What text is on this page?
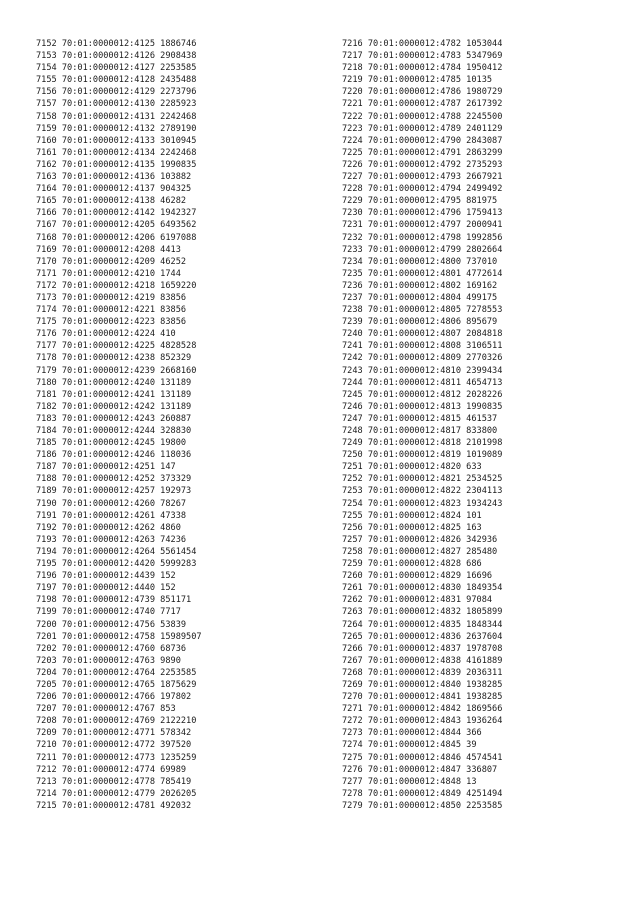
7152 70:01:0000012:4125 1886746
7153 70:01:0000012:4126 2908438
7154 70:01:0000012:4127 2253585
7155 70:01:0000012:4128 2435488
7156 70:01:0000012:4129 2273796
7157 70:01:0000012:4130 2285923
7158 70:01:0000012:4131 2242468
7159 70:01:0000012:4132 2789190
7160 70:01:0000012:4133 3010945
7161 70:01:0000012:4134 2242468
7162 70:01:0000012:4135 1990835
7163 70:01:0000012:4136 103882
7164 70:01:0000012:4137 904325
7165 70:01:0000012:4138 46282
7166 70:01:0000012:4142 1942327
7167 70:01:0000012:4205 6493562
7168 70:01:0000012:4206 6197088
7169 70:01:0000012:4208 4413
7170 70:01:0000012:4209 46252
7171 70:01:0000012:4210 1744
7172 70:01:0000012:4218 1659220
7173 70:01:0000012:4219 83856
7174 70:01:0000012:4221 83856
7175 70:01:0000012:4223 83856
7176 70:01:0000012:4224 410
7177 70:01:0000012:4225 4828528
7178 70:01:0000012:4238 852329
7179 70:01:0000012:4239 2668160
7180 70:01:0000012:4240 131189
7181 70:01:0000012:4241 131189
7182 70:01:0000012:4242 131189
7183 70:01:0000012:4243 260887
7184 70:01:0000012:4244 328830
7185 70:01:0000012:4245 19800
7186 70:01:0000012:4246 118036
7187 70:01:0000012:4251 147
7188 70:01:0000012:4252 373329
7189 70:01:0000012:4257 192973
7190 70:01:0000012:4260 78267
7191 70:01:0000012:4261 47338
7192 70:01:0000012:4262 4860
7193 70:01:0000012:4263 74236
7194 70:01:0000012:4264 5561454
7195 70:01:0000012:4420 5999283
7196 70:01:0000012:4439 152
7197 70:01:0000012:4440 152
7198 70:01:0000012:4739 851171
7199 70:01:0000012:4740 7717
7200 70:01:0000012:4756 53839
7201 70:01:0000012:4758 15989507
7202 70:01:0000012:4760 68736
7203 70:01:0000012:4763 9890
7204 70:01:0000012:4764 2253585
7205 70:01:0000012:4765 1875629
7206 70:01:0000012:4766 197802
7207 70:01:0000012:4767 853
7208 70:01:0000012:4769 2122210
7209 70:01:0000012:4771 578342
7210 70:01:0000012:4772 397520
7211 70:01:0000012:4773 1235259
7212 70:01:0000012:4774 69989
7213 70:01:0000012:4778 785419
7214 70:01:0000012:4779 2026205
7215 70:01:0000012:4781 492032
7216 70:01:0000012:4782 1053044
7217 70:01:0000012:4783 5347969
7218 70:01:0000012:4784 1950412
7219 70:01:0000012:4785 10135
7220 70:01:0000012:4786 1980729
7221 70:01:0000012:4787 2617392
7222 70:01:0000012:4788 2245500
7223 70:01:0000012:4789 2401129
7224 70:01:0000012:4790 2843087
7225 70:01:0000012:4791 2863299
7226 70:01:0000012:4792 2735293
7227 70:01:0000012:4793 2667921
7228 70:01:0000012:4794 2499492
7229 70:01:0000012:4795 881975
7230 70:01:0000012:4796 1759413
7231 70:01:0000012:4797 2000941
7232 70:01:0000012:4798 1992856
7233 70:01:0000012:4799 2802664
7234 70:01:0000012:4800 737010
7235 70:01:0000012:4801 4772614
7236 70:01:0000012:4802 169162
7237 70:01:0000012:4804 499175
7238 70:01:0000012:4805 7278553
7239 70:01:0000012:4806 895679
7240 70:01:0000012:4807 2084818
7241 70:01:0000012:4808 3106511
7242 70:01:0000012:4809 2770326
7243 70:01:0000012:4810 2399434
7244 70:01:0000012:4811 4654713
7245 70:01:0000012:4812 2028226
7246 70:01:0000012:4813 1990835
7247 70:01:0000012:4815 461537
7248 70:01:0000012:4817 833800
7249 70:01:0000012:4818 2101998
7250 70:01:0000012:4819 1019089
7251 70:01:0000012:4820 633
7252 70:01:0000012:4821 2534525
7253 70:01:0000012:4822 2304113
7254 70:01:0000012:4823 1934243
7255 70:01:0000012:4824 101
7256 70:01:0000012:4825 163
7257 70:01:0000012:4826 342936
7258 70:01:0000012:4827 285480
7259 70:01:0000012:4828 686
7260 70:01:0000012:4829 16696
7261 70:01:0000012:4830 1849354
7262 70:01:0000012:4831 97084
7263 70:01:0000012:4832 1805899
7264 70:01:0000012:4835 1848344
7265 70:01:0000012:4836 2637604
7266 70:01:0000012:4837 1978708
7267 70:01:0000012:4838 4161889
7268 70:01:0000012:4839 2036311
7269 70:01:0000012:4840 1938285
7270 70:01:0000012:4841 1938285
7271 70:01:0000012:4842 1869566
7272 70:01:0000012:4843 1936264
7273 70:01:0000012:4844 366
7274 70:01:0000012:4845 39
7275 70:01:0000012:4846 4574541
7276 70:01:0000012:4847 336807
7277 70:01:0000012:4848 13
7278 70:01:0000012:4849 4251494
7279 70:01:0000012:4850 2253585
